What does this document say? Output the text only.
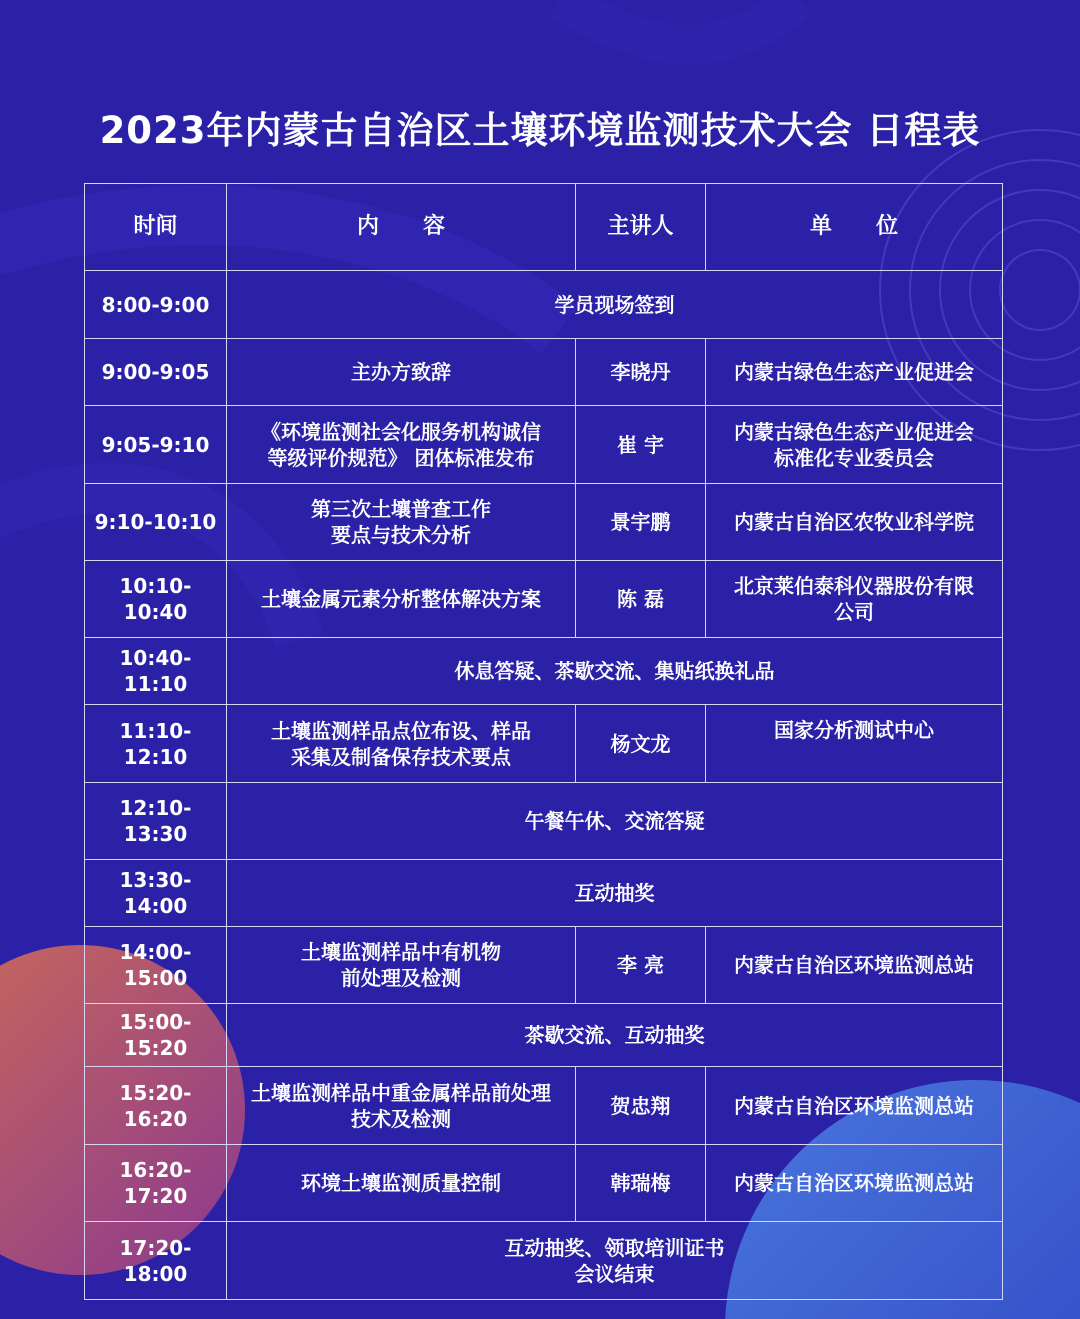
2023年内蒙古自治区土壤环境监测技术大会 日程表
时间	内　　容	主讲人	单　　位
8:00-9:00	学员现场签到		
9:00-9:05	主办方致辞	李晓丹	内蒙古绿色生态产业促进会
9:05-9:10	《环境监测社会化服务机构诚信
等级评价规范》 团体标准发布	崔 宇	内蒙古绿色生态产业促进会
标准化专业委员会
9:10-10:10	第三次土壤普查工作
要点与技术分析	景宇鹏	内蒙古自治区农牧业科学院
10:10-10:40	土壤金属元素分析整体解决方案	陈 磊	北京莱伯泰科仪器股份有限
公司
10:40-11:10	休息答疑、茶歇交流、集贴纸换礼品		
11:10-12:10	土壤监测样品点位布设、样品
采集及制备保存技术要点	杨文龙	国家分析测试中心
12:10-13:30	午餐午休、交流答疑		
13:30-14:00	互动抽奖		
14:00-15:00	土壤监测样品中有机物
前处理及检测	李 亮	内蒙古自治区环境监测总站
15:00-15:20	茶歇交流、互动抽奖		
15:20-16:20	土壤监测样品中重金属样品前处理
技术及检测	贺忠翔	内蒙古自治区环境监测总站
16:20-17:20	环境土壤监测质量控制	韩瑞梅	内蒙古自治区环境监测总站
17:20-18:00	互动抽奖、领取培训证书
会议结束		
